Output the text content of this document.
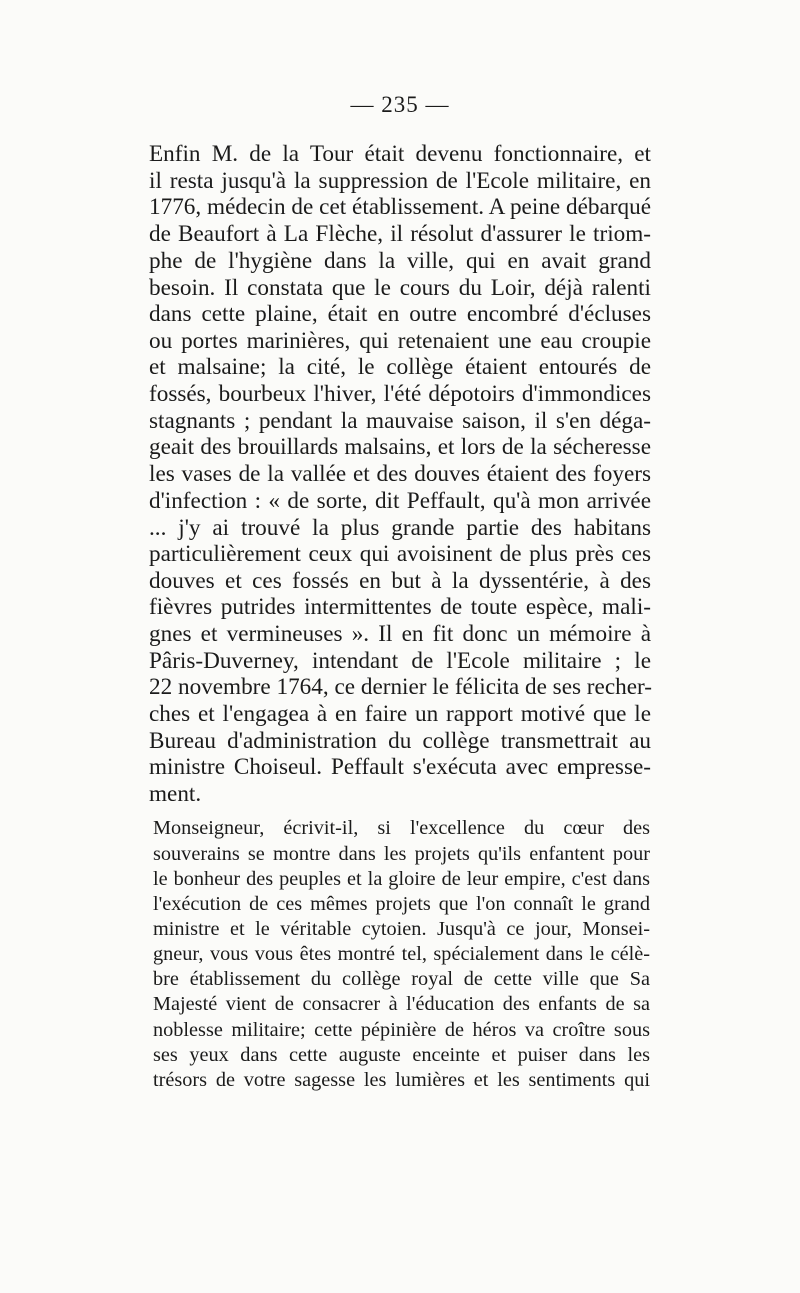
— 235 —
Enfin M. de la Tour était devenu fonctionnaire, et
il resta jusqu'à la suppression de l'Ecole militaire, en
1776, médecin de cet établissement. A peine débarqué
de Beaufort à La Flèche, il résolut d'assurer le triom-
phe de l'hygiène dans la ville, qui en avait grand
besoin. Il constata que le cours du Loir, déjà ralenti
dans cette plaine, était en outre encombré d'écluses
ou portes marinières, qui retenaient une eau croupie
et malsaine; la cité, le collège étaient entourés de
fossés, bourbeux l'hiver, l'été dépotoirs d'immondices
stagnants ; pendant la mauvaise saison, il s'en déga-
geait des brouillards malsains, et lors de la sécheresse
les vases de la vallée et des douves étaient des foyers
d'infection : « de sorte, dit Peffault, qu'à mon arrivée
... j'y ai trouvé la plus grande partie des habitans
particulièrement ceux qui avoisinent de plus près ces
douves et ces fossés en but à la dyssentérie, à des
fièvres putrides intermittentes de toute espèce, mali-
gnes et vermineuses ». Il en fit donc un mémoire à
Pâris-Duverney, intendant de l'Ecole militaire ; le
22 novembre 1764, ce dernier le félicita de ses recher-
ches et l'engagea à en faire un rapport motivé que le
Bureau d'administration du collège transmettrait au
ministre Choiseul. Peffault s'exécuta avec empresse-
ment.
Monseigneur, écrivit-il, si l'excellence du cœur des
souverains se montre dans les projets qu'ils enfantent pour
le bonheur des peuples et la gloire de leur empire, c'est dans
l'exécution de ces mêmes projets que l'on connaît le grand
ministre et le véritable cytoien. Jusqu'à ce jour, Monsei-
gneur, vous vous êtes montré tel, spécialement dans le célè-
bre établissement du collège royal de cette ville que Sa
Majesté vient de consacrer à l'éducation des enfants de sa
noblesse militaire; cette pépinière de héros va croître sous
ses yeux dans cette auguste enceinte et puiser dans les
trésors de votre sagesse les lumières et les sentiments qui
